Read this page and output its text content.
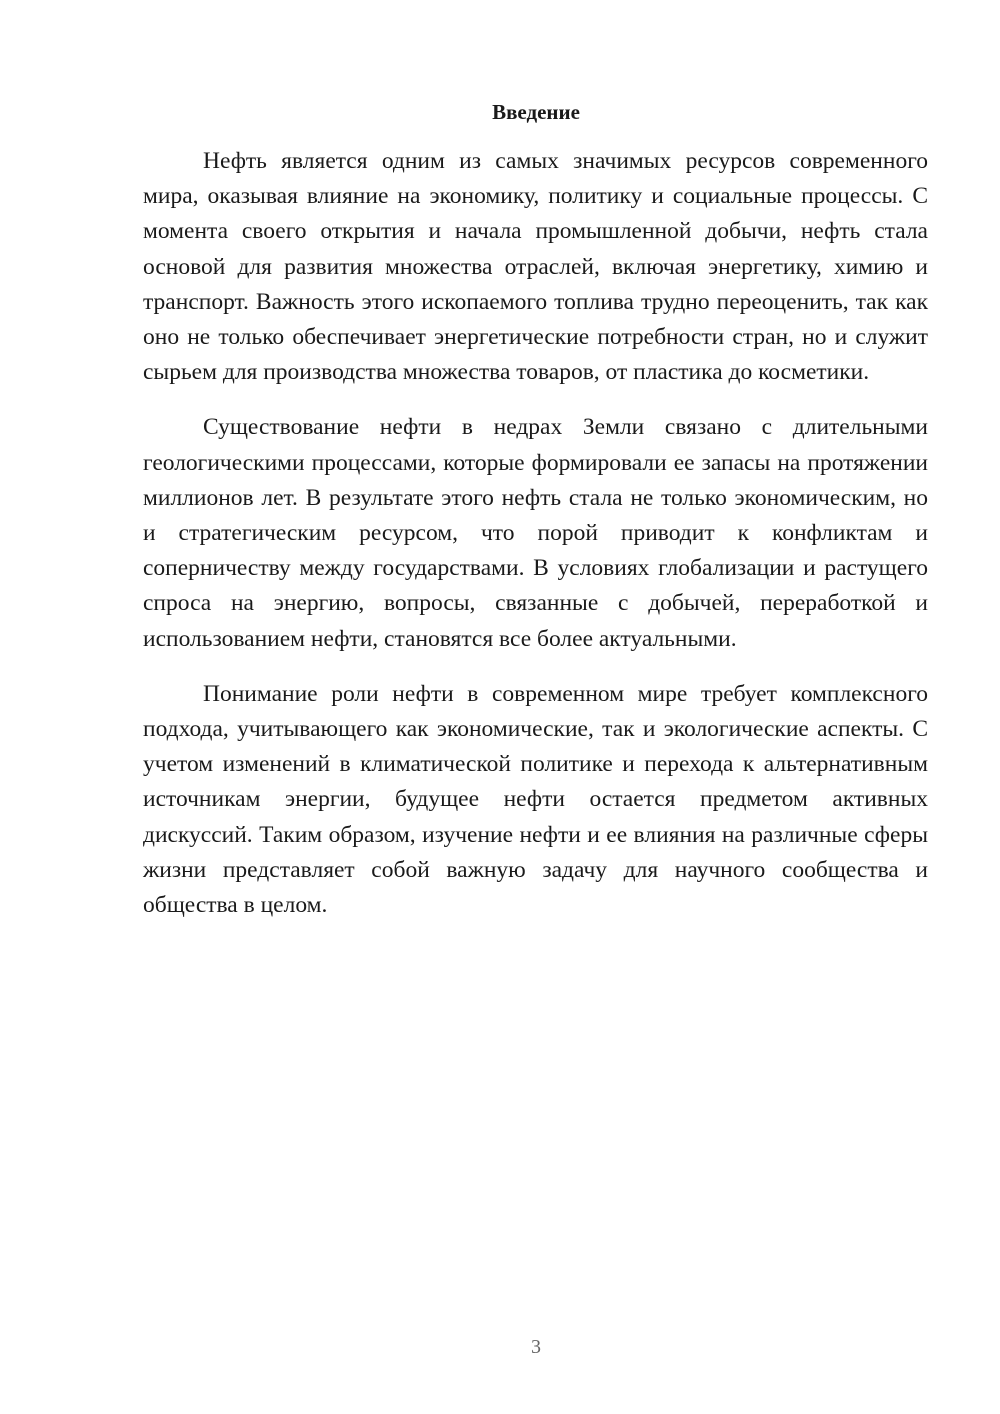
Введение

Нефть является одним из самых значимых ресурсов современного мира, оказывая влияние на экономику, политику и социальные процессы. С момента своего открытия и начала промышленной добычи, нефть стала основой для развития множества отраслей, включая энергетику, химию и транспорт. Важность этого ископаемого топлива трудно переоценить, так как оно не только обеспечивает энергетические потребности стран, но и служит сырьем для производства множества товаров, от пластика до косметики.

Существование нефти в недрах Земли связано с длительными геологическими процессами, которые формировали ее запасы на протяжении миллионов лет. В результате этого нефть стала не только экономическим, но и стратегическим ресурсом, что порой приводит к конфликтам и соперничеству между государствами. В условиях глобализации и растущего спроса на энергию, вопросы, связанные с добычей, переработкой и использованием нефти, становятся все более актуальными.

Понимание роли нефти в современном мире требует комплексного подхода, учитывающего как экономические, так и экологические аспекты. С учетом изменений в климатической политике и перехода к альтернативным источникам энергии, будущее нефти остается предметом активных дискуссий. Таким образом, изучение нефти и ее влияния на различные сферы жизни представляет собой важную задачу для научного сообщества и общества в целом.

3
